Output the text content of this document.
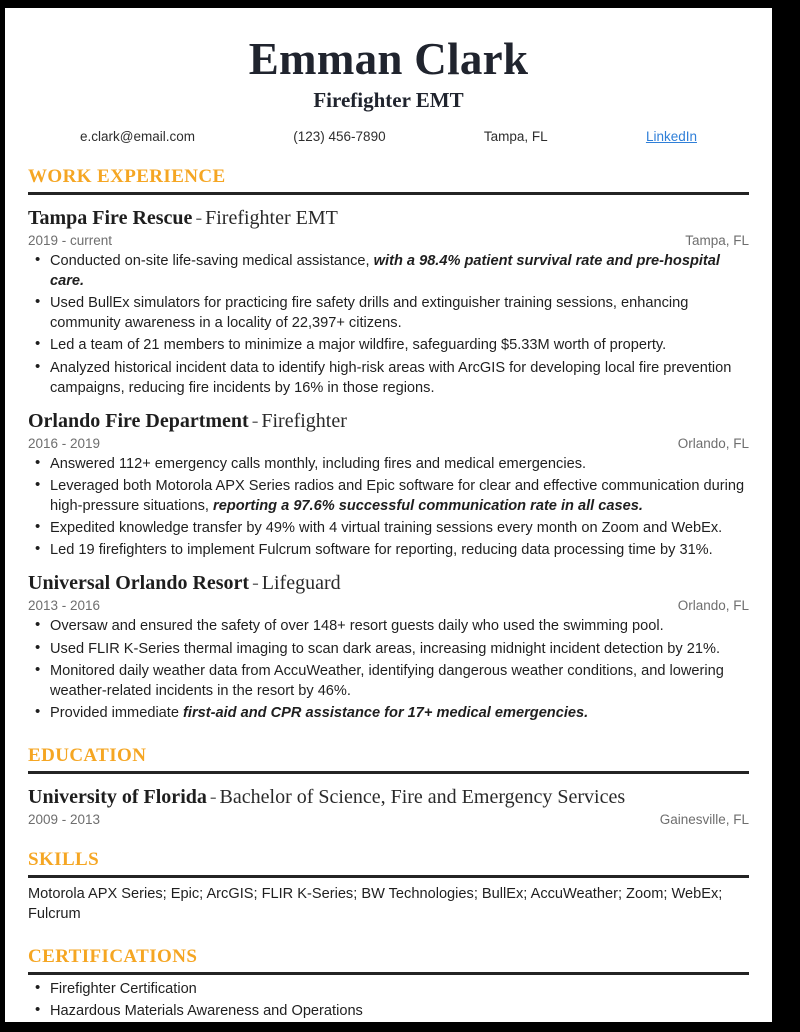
Emman Clark
Firefighter EMT
e.clark@email.com	(123) 456-7890	Tampa, FL	LinkedIn
WORK EXPERIENCE
Tampa Fire Rescue - Firefighter EMT
2019 - current	Tampa, FL
• Conducted on-site life-saving medical assistance, with a 98.4% patient survival rate and pre-hospital care.
• Used BullEx simulators for practicing fire safety drills and extinguisher training sessions, enhancing community awareness in a locality of 22,397+ citizens.
• Led a team of 21 members to minimize a major wildfire, safeguarding $5.33M worth of property.
• Analyzed historical incident data to identify high-risk areas with ArcGIS for developing local fire prevention campaigns, reducing fire incidents by 16% in those regions.
Orlando Fire Department - Firefighter
2016 - 2019	Orlando, FL
• Answered 112+ emergency calls monthly, including fires and medical emergencies.
• Leveraged both Motorola APX Series radios and Epic software for clear and effective communication during high-pressure situations, reporting a 97.6% successful communication rate in all cases.
• Expedited knowledge transfer by 49% with 4 virtual training sessions every month on Zoom and WebEx.
• Led 19 firefighters to implement Fulcrum software for reporting, reducing data processing time by 31%.
Universal Orlando Resort - Lifeguard
2013 - 2016	Orlando, FL
• Oversaw and ensured the safety of over 148+ resort guests daily who used the swimming pool.
• Used FLIR K-Series thermal imaging to scan dark areas, increasing midnight incident detection by 21%.
• Monitored daily weather data from AccuWeather, identifying dangerous weather conditions, and lowering weather-related incidents in the resort by 46%.
• Provided immediate first-aid and CPR assistance for 17+ medical emergencies.
EDUCATION
University of Florida - Bachelor of Science, Fire and Emergency Services
2009 - 2013	Gainesville, FL
SKILLS
Motorola APX Series; Epic; ArcGIS; FLIR K-Series; BW Technologies; BullEx; AccuWeather; Zoom; WebEx; Fulcrum
CERTIFICATIONS
• Firefighter Certification
• Hazardous Materials Awareness and Operations
